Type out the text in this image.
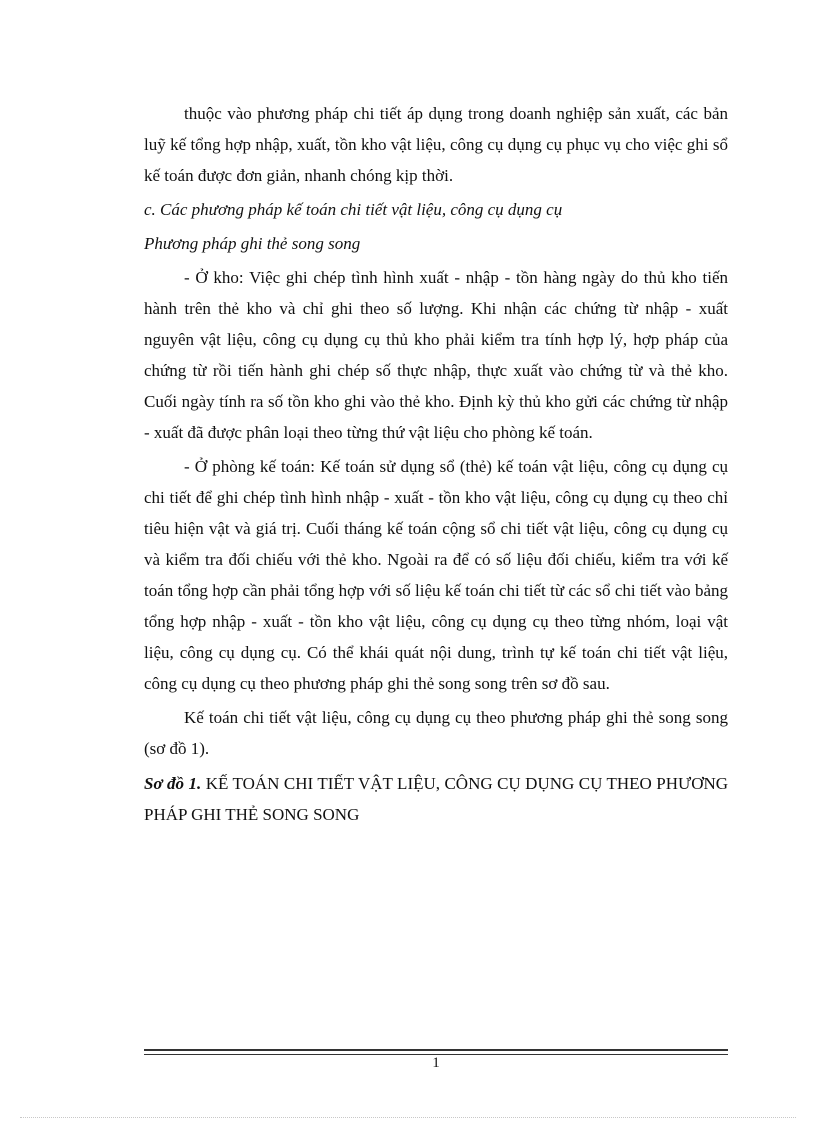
thuộc vào phương pháp chi tiết áp dụng trong doanh nghiệp sản xuất, các bản luỹ kế tổng hợp nhập, xuất, tồn kho vật liệu, công cụ dụng cụ phục vụ cho việc ghi sổ kế toán được đơn giản, nhanh chóng kịp thời.

c. Các phương pháp kế toán chi tiết vật liệu, công cụ dụng cụ

Phương pháp ghi thẻ song song

- Ở kho: Việc ghi chép tình hình xuất - nhập - tồn hàng ngày do thủ kho tiến hành trên thẻ kho và chỉ ghi theo số lượng. Khi nhận các chứng từ nhập - xuất nguyên vật liệu, công cụ dụng cụ thủ kho phải kiểm tra tính hợp lý, hợp pháp của chứng từ rồi tiến hành ghi chép số thực nhập, thực xuất vào chứng từ và thẻ kho. Cuối ngày tính ra số tồn kho ghi vào thẻ kho. Định kỳ thủ kho gửi các chứng từ nhập - xuất đã được phân loại theo từng thứ vật liệu cho phòng kế toán.

- Ở phòng kế toán: Kế toán sử dụng sổ (thẻ) kế toán vật liệu, công cụ dụng cụ chi tiết để ghi chép tình hình nhập - xuất - tồn kho vật liệu, công cụ dụng cụ theo chỉ tiêu hiện vật và giá trị. Cuối tháng kế toán cộng sổ chi tiết vật liệu, công cụ dụng cụ và kiểm tra đối chiếu với thẻ kho. Ngoài ra để có số liệu đối chiếu, kiểm tra với kế toán tổng hợp cần phải tổng hợp với số liệu kế toán chi tiết từ các sổ chi tiết vào bảng tổng hợp nhập - xuất - tồn kho vật liệu, công cụ dụng cụ theo từng nhóm, loại vật liệu, công cụ dụng cụ. Có thể khái quát nội dung, trình tự kế toán chi tiết vật liệu, công cụ dụng cụ theo phương pháp ghi thẻ song song trên sơ đồ sau.

Kế toán chi tiết vật liệu, công cụ dụng cụ theo phương pháp ghi thẻ song song (sơ đồ 1).

Sơ đồ 1. KẾ TOÁN CHI TIẾT VẬT LIỆU, CÔNG CỤ DỤNG CỤ THEO PHƯƠNG PHÁP GHI THẺ SONG SONG

1
